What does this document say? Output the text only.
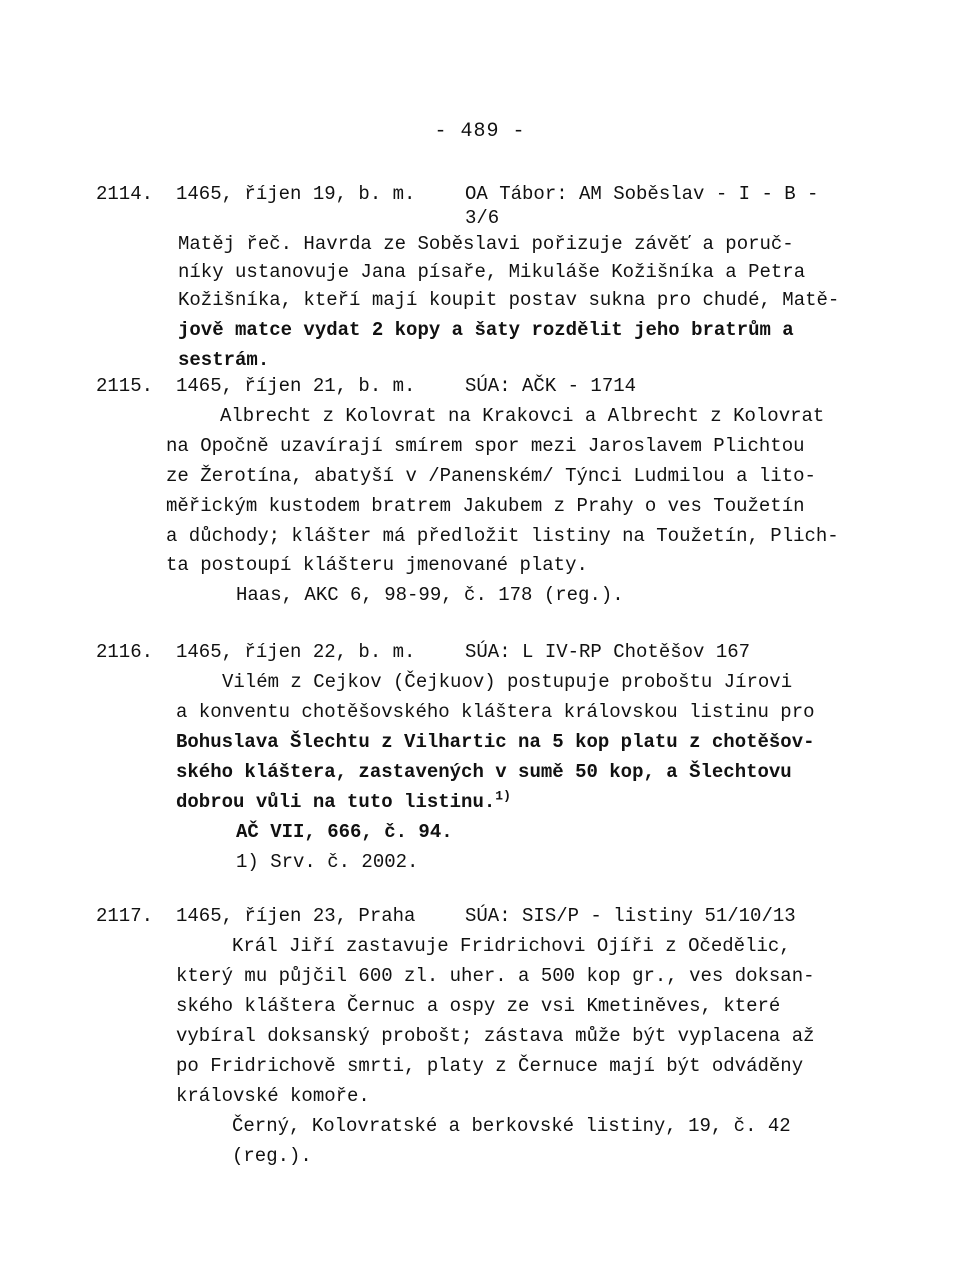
- 489 -
2114. 1465, říjen 19, b. m.	OA Tábor: AM Soběslav - I - B -
3/6
Matěj řeč. Havrda ze Soběslavi pořizuje závěť a poruč-
níky ustanovuje Jana písaře, Mikuláše Kožišníka a Petra
Kožišníka, kteří mají koupit postav sukna pro chudé, Matě-
jově matce vydat 2 kopy a šaty rozdělit jeho bratrům a
sestrám.
2115. 1465, říjen 21, b. m.	SÚA: AČK - 1714
Albrecht z Kolovrat na Krakovci a Albrecht z Kolovrat
na Opočně uzavírají smírem spor mezi Jaroslavem Plichtou
ze Žerotína, abatyší v /Panenském/ Týnci Ludmilou a lito-
měřickým kustodem bratrem Jakubem z Prahy o ves Toužetín
a důchody; klášter má předložit listiny na Toužetín, Plich-
ta postoupí klášteru jmenované platy.
Haas, AKC 6, 98-99, č. 178 (reg.).
2116. 1465, říjen 22, b. m.	SÚA: L IV-RP Chotěšov 167
Vilém z Cejkov (Čejkuov) postupuje proboštu Jírovi
a konventu chotěšovského kláštera královskou listinu pro
Bohuslava Šlechtu z Vilhartic na 5 kop platu z chotěšov-
ského kláštera, zastavených v sumě 50 kop, a Šlechtovu
dobrou vůli na tuto listinu.$^{1)}$
AČ VII, 666, č. 94.
1) Srv. č. 2002.
2117. 1465, říjen 23, Praha	SÚA: SIS/P - listiny 51/10/13
Král Jiří zastavuje Fridrichovi Ojíři z Očedělic,
který mu půjčil 600 zl. uher. a 500 kop gr., ves doksan-
ského kláštera Černuc a ospy ze vsi Kmetiněves, které
vybíral doksanský probošt; zástava může být vyplacena až
po Fridrichově smrti, platy z Černuce mají být odváděny
královské komoře.
Černý, Kolovratské a berkovské listiny, 19, č. 42
(reg.).
